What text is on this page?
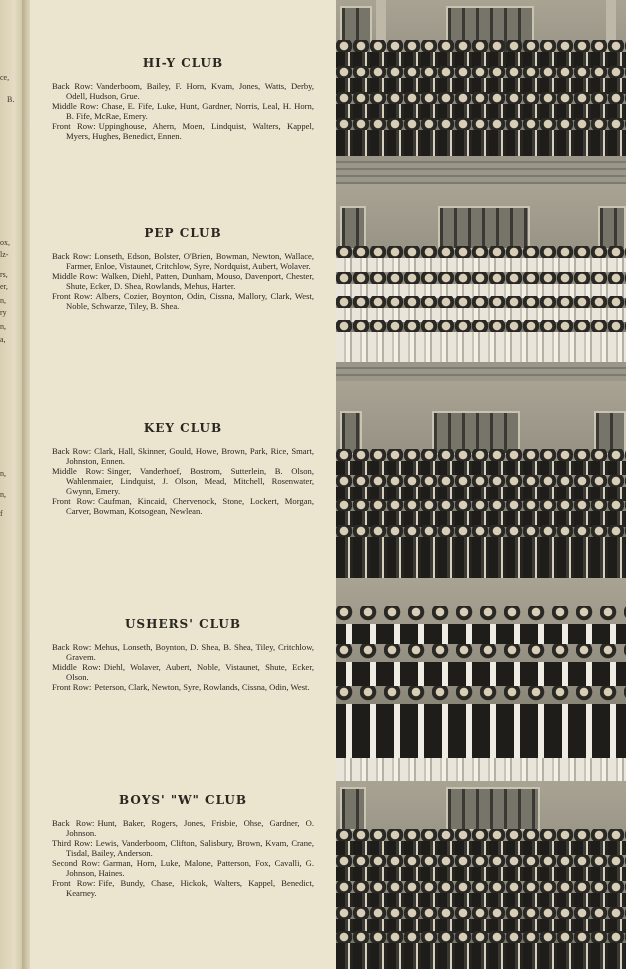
ce,
B.
ox,
lz-
rs,
er,
n,
ry
n,
a,
n,
n,
f
HI-Y CLUB
Back Row: Vanderboom, Bailey, F. Horn, Kvam, Jones, Watts, Derby, Odell, Hudson, Grue.
Middle Row: Chase, E. Fife, Luke, Hunt, Gardner, Norris, Leal, H. Horn, B. Fife, McRae, Emery.
Front Row: Uppinghouse, Ahern, Moen, Lindquist, Walters, Kappel, Myers, Hughes, Benedict, Ennen.
PEP CLUB
Back Row: Lonseth, Edson, Bolster, O'Brien, Bowman, Newton, Wallace, Farmer, Enloe, Vistaunet, Critchlow, Syre, Nordquist, Aubert, Wolaver.
Middle Row: Walken, Diehl, Patten, Dunham, Mouso, Davenport, Chester, Shute, Ecker, D. Shea, Rowlands, Mehus, Harter.
Front Row: Albers, Cozier, Boynton, Odin, Cissna, Mallory, Clark, West, Noble, Schwarze, Tiley, B. Shea.
KEY CLUB
Back Row: Clark, Hall, Skinner, Gould, Howe, Brown, Park, Rice, Smart, Johnston, Ennen.
Middle Row: Singer, Vanderhoef, Bostrom, Sutterlein, B. Olson, Wahlenmaier, Lindquist, J. Olson, Mead, Mitchell, Rosenwater, Gwynn, Emery.
Front Row: Caufman, Kincaid, Chervenock, Stone, Lockert, Morgan, Carver, Bowman, Kotsogean, Newlean.
USHERS' CLUB
Back Row: Mehus, Lonseth, Boynton, D. Shea, B. Shea, Tiley, Critchlow, Gravem.
Middle Row: Diehl, Wolaver, Aubert, Noble, Vistaunet, Shute, Ecker, Olson.
Front Row: Peterson, Clark, Newton, Syre, Rowlands, Cissna, Odin, West.
BOYS' "W" CLUB
Back Row: Hunt, Baker, Rogers, Jones, Frisbie, Ohse, Gardner, O. Johnson.
Third Row: Lewis, Vanderboom, Clifton, Salisbury, Brown, Kvam, Crane, Tisdal, Bailey, Anderson.
Second Row: Garman, Horn, Luke, Malone, Patterson, Fox, Cavalli, G. Johnson, Haines.
Front Row: Fife, Bundy, Chase, Hickok, Walters, Kappel, Benedict, Kearney.
